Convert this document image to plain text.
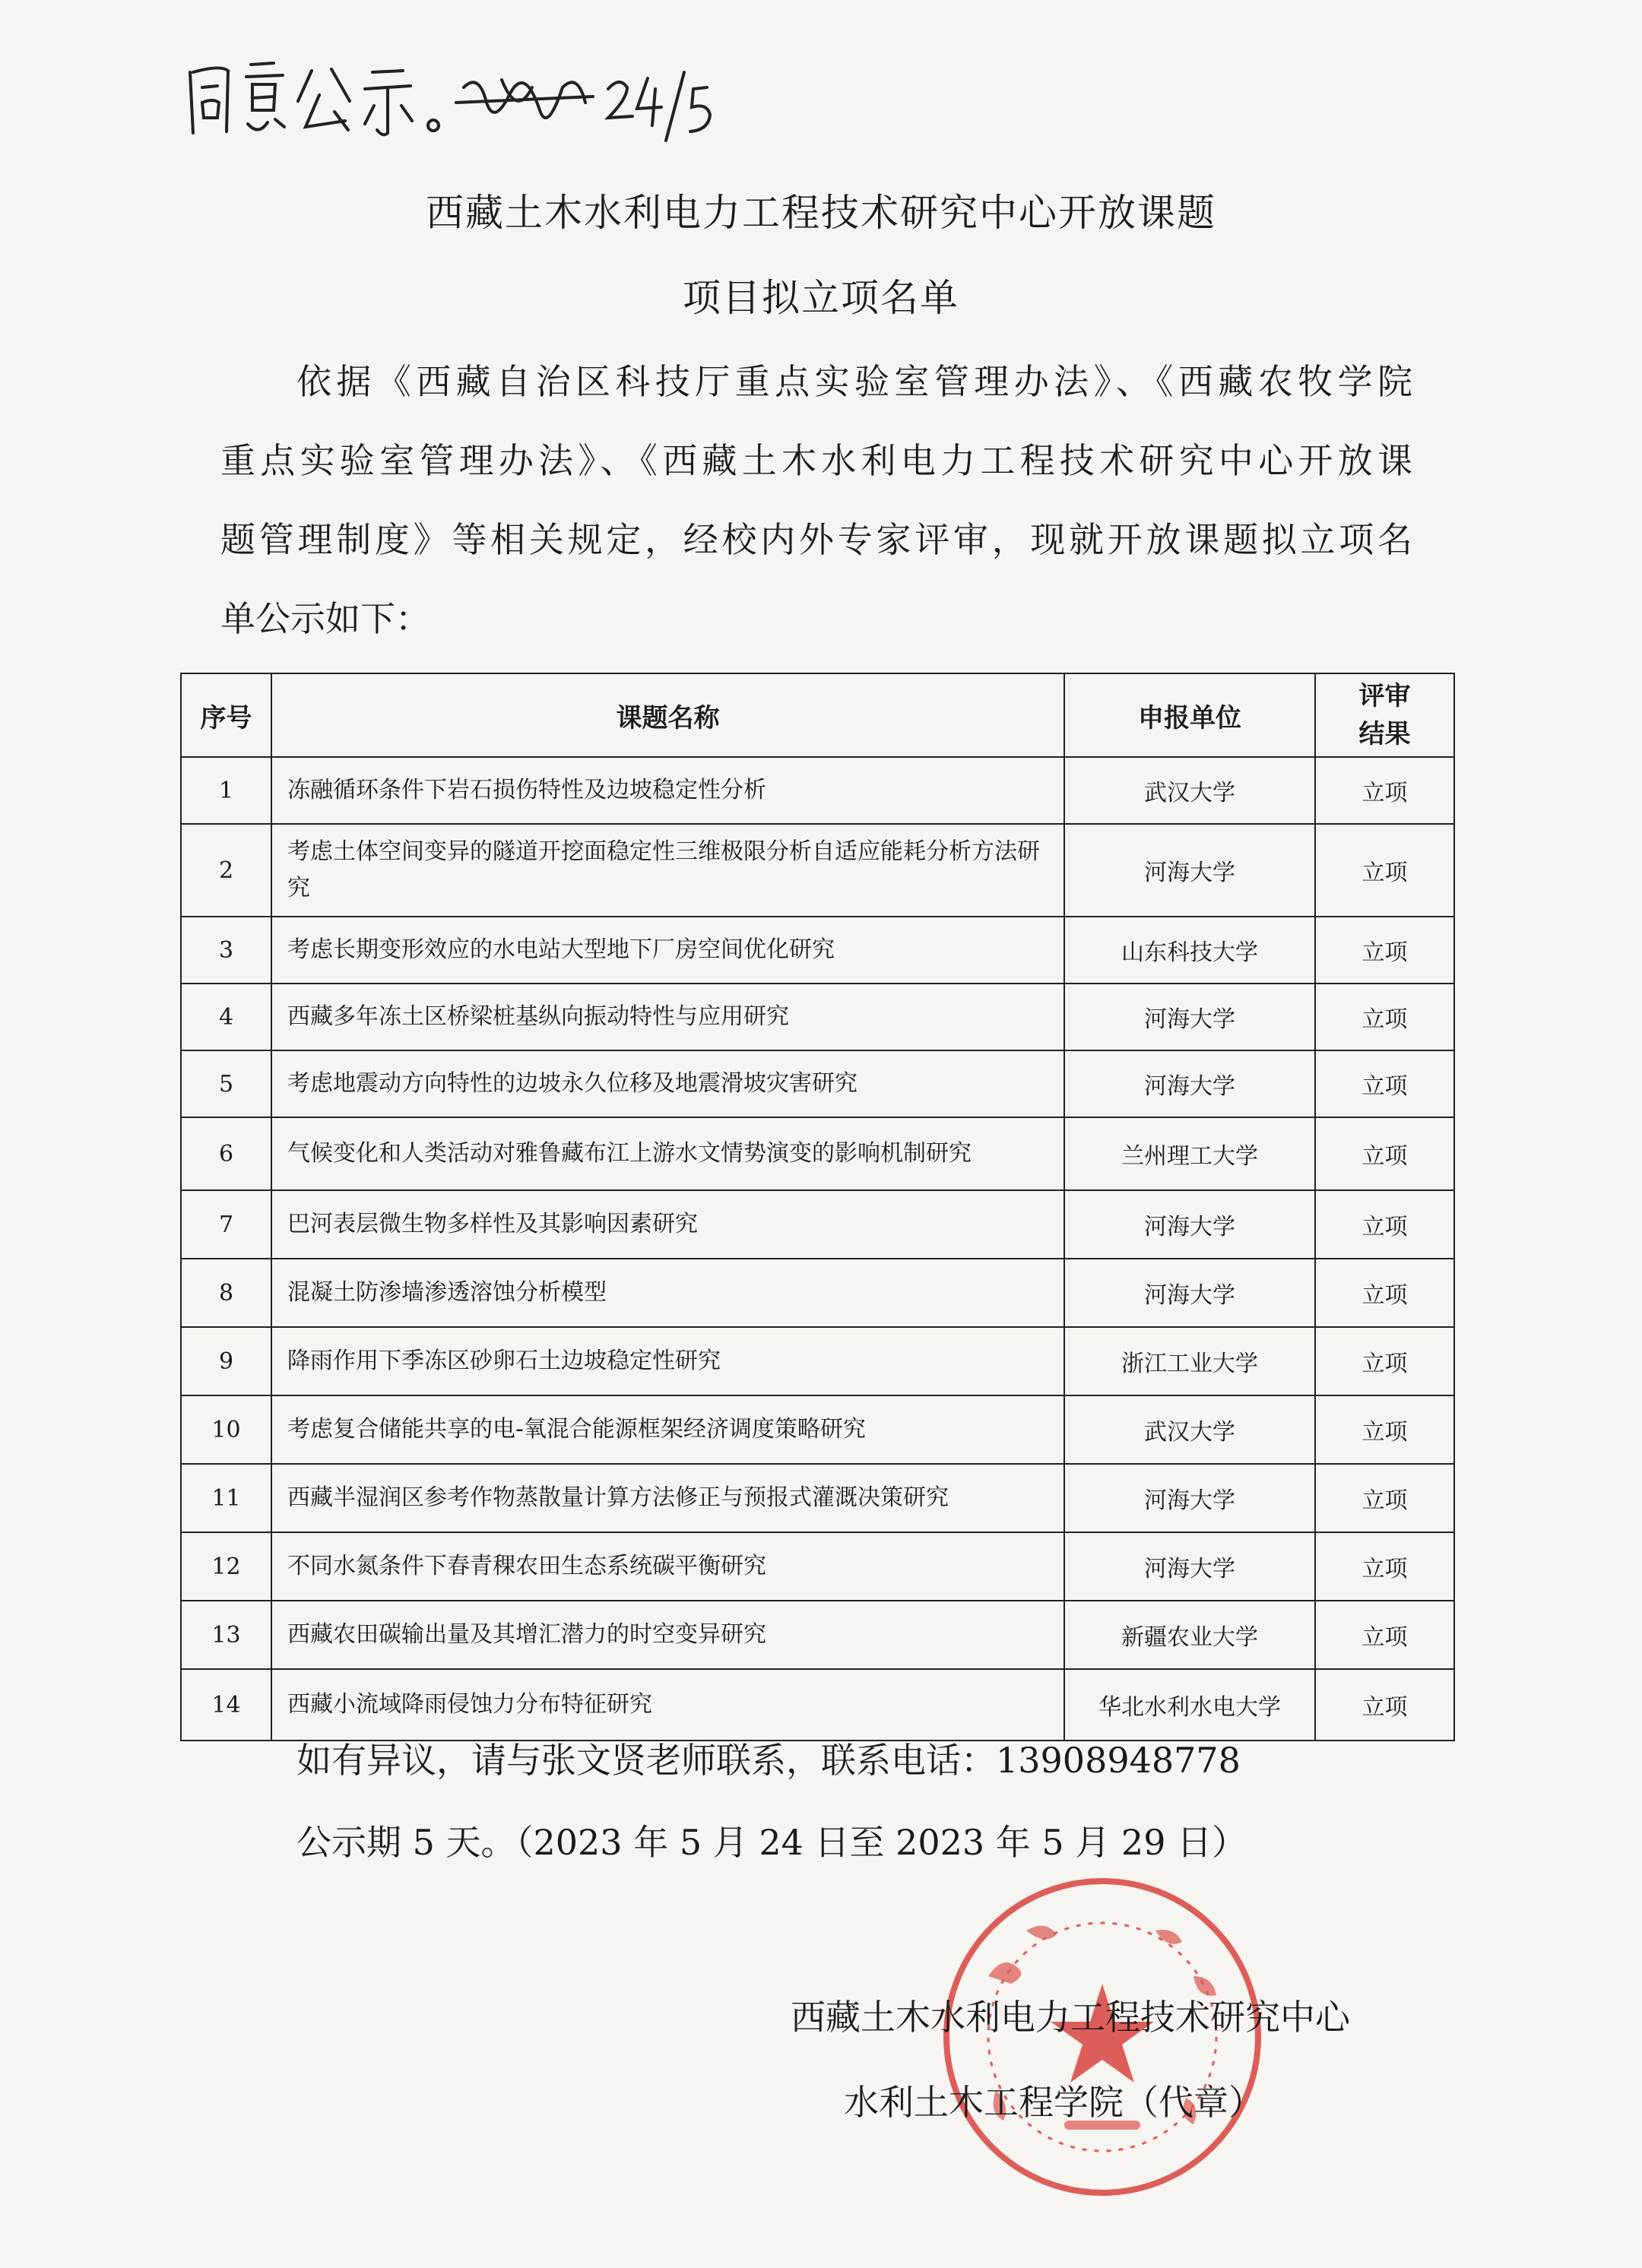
西藏土木水利电力工程技术研究中心开放课题
项目拟立项名单
依据《西藏自治区科技厅重点实验室管理办法》、《西藏农牧学院
重点实验室管理办法》、《西藏土木水利电力工程技术研究中心开放课
题管理制度》等相关规定，经校内外专家评审，现就开放课题拟立项名
单公示如下：
序号	课题名称	申报单位	评审
结果
1	冻融循环条件下岩石损伤特性及边坡稳定性分析	武汉大学	立项
2	考虑土体空间变异的隧道开挖面稳定性三维极限分析自适应能耗分析方法研究	河海大学	立项
3	考虑长期变形效应的水电站大型地下厂房空间优化研究	山东科技大学	立项
4	西藏多年冻土区桥梁桩基纵向振动特性与应用研究	河海大学	立项
5	考虑地震动方向特性的边坡永久位移及地震滑坡灾害研究	河海大学	立项
6	气候变化和人类活动对雅鲁藏布江上游水文情势演变的影响机制研究	兰州理工大学	立项
7	巴河表层微生物多样性及其影响因素研究	河海大学	立项
8	混凝土防渗墙渗透溶蚀分析模型	河海大学	立项
9	降雨作用下季冻区砂卵石土边坡稳定性研究	浙江工业大学	立项
10	考虑复合储能共享的电-氧混合能源框架经济调度策略研究	武汉大学	立项
11	西藏半湿润区参考作物蒸散量计算方法修正与预报式灌溉决策研究	河海大学	立项
12	不同水氮条件下春青稞农田生态系统碳平衡研究	河海大学	立项
13	西藏农田碳输出量及其增汇潜力的时空变异研究	新疆农业大学	立项
14	西藏小流域降雨侵蚀力分布特征研究	华北水利水电大学	立项
如有异议，请与张文贤老师联系，联系电话：13908948778
公示期 5 天。（2023 年 5 月 24 日至 2023 年 5 月 29 日）
西藏土木水利电力工程技术研究中心
水利土木工程学院（代章）
